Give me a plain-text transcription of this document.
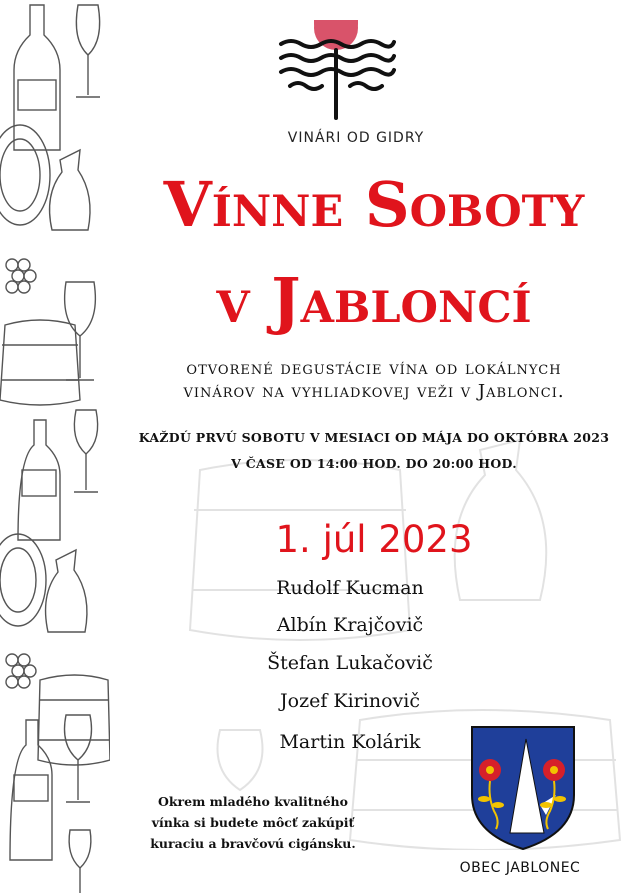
VINÁRI OD GIDRY
Vínne Soboty
v Jabloncí
otvorené degustácie vína od lokálnych
vinárov na vyhliadkovej veži v Jablonci.
KAŽDÚ PRVÚ SOBOTU V MESIACI OD MÁJA DO OKTÓBRA 2023
V ČASE OD 14:00 HOD. DO 20:00 HOD.
1. júl 2023
Rudolf Kucman
Albín Krajčovič
Štefan Lukačovič
Jozef Kirinovič
Martin Kolárik
Okrem mladého kvalitného
vínka si budete môcť zakúpiť
kuraciu a bravčovú cigánsku.
OBEC JABLONEC
